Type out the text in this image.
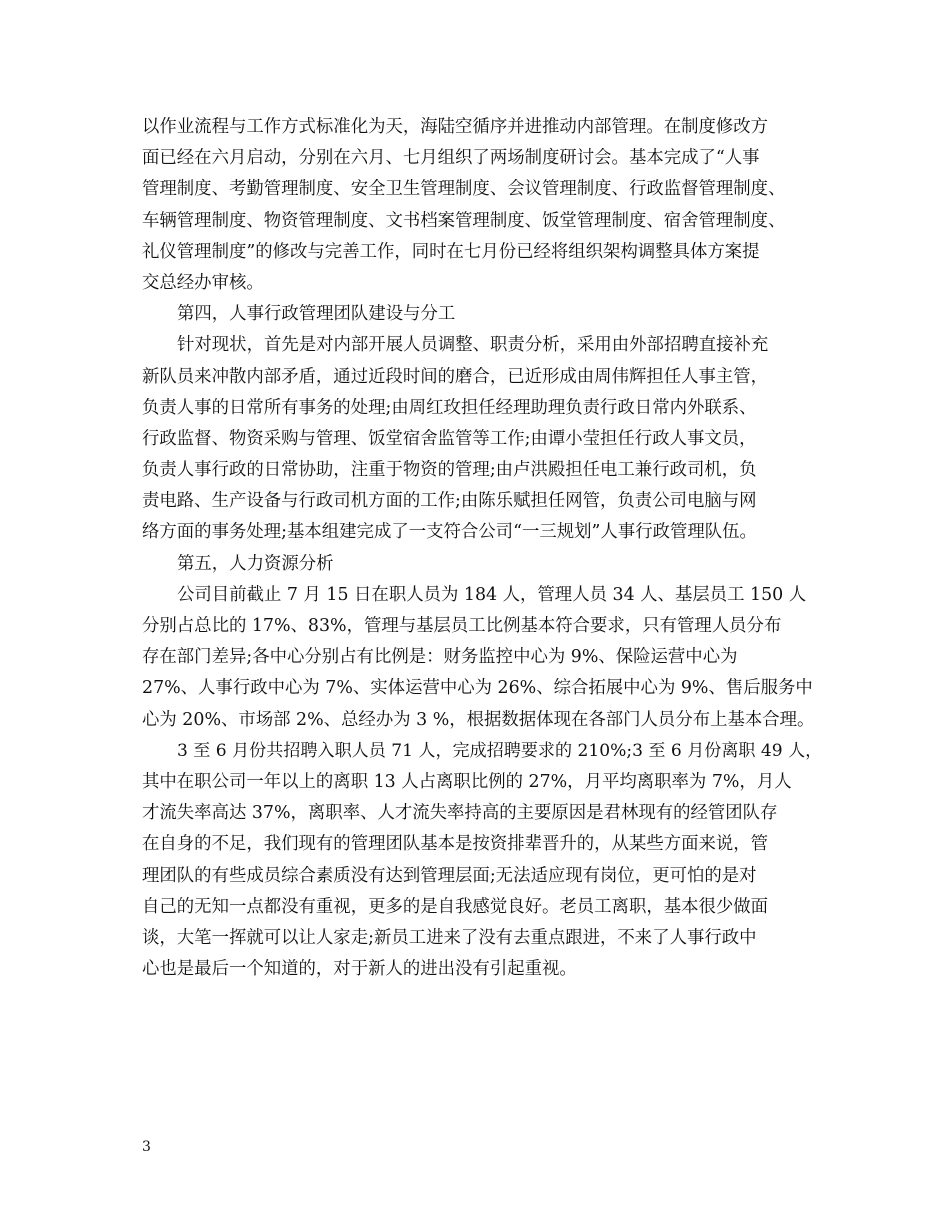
以作业流程与工作方式标准化为天，海陆空循序并进推动内部管理。在制度修改方
面已经在六月启动，分别在六月、七月组织了两场制度研讨会。基本完成了“人事
管理制度、考勤管理制度、安全卫生管理制度、会议管理制度、行政监督管理制度、
车辆管理制度、物资管理制度、文书档案管理制度、饭堂管理制度、宿舍管理制度、
礼仪管理制度”的修改与完善工作，同时在七月份已经将组织架构调整具体方案提
交总经办审核。
第四，人事行政管理团队建设与分工
针对现状，首先是对内部开展人员调整、职责分析，采用由外部招聘直接补充
新队员来冲散内部矛盾，通过近段时间的磨合，已近形成由周伟辉担任人事主管，
负责人事的日常所有事务的处理;由周红玫担任经理助理负责行政日常内外联系、
行政监督、物资采购与管理、饭堂宿舍监管等工作;由谭小莹担任行政人事文员，
负责人事行政的日常协助，注重于物资的管理;由卢洪殿担任电工兼行政司机，负
责电路、生产设备与行政司机方面的工作;由陈乐赋担任网管，负责公司电脑与网
络方面的事务处理;基本组建完成了一支符合公司“一三规划”人事行政管理队伍。
第五，人力资源分析
公司目前截止 7 月 15 日在职人员为 184 人，管理人员 34 人、基层员工 150 人
分别占总比的 17%、83%，管理与基层员工比例基本符合要求，只有管理人员分布
存在部门差异;各中心分别占有比例是：财务监控中心为 9%、保险运营中心为
27%、人事行政中心为 7%、实体运营中心为 26%、综合拓展中心为 9%、售后服务中
心为 20%、市场部 2%、总经办为 3 %，根据数据体现在各部门人员分布上基本合理。
3 至 6 月份共招聘入职人员 71 人，完成招聘要求的 210%;3 至 6 月份离职 49 人，
其中在职公司一年以上的离职 13 人占离职比例的 27%，月平均离职率为 7%，月人
才流失率高达 37%，离职率、人才流失率持高的主要原因是君林现有的经管团队存
在自身的不足，我们现有的管理团队基本是按资排辈晋升的，从某些方面来说，管
理团队的有些成员综合素质没有达到管理层面;无法适应现有岗位，更可怕的是对
自己的无知一点都没有重视，更多的是自我感觉良好。老员工离职，基本很少做面
谈，大笔一挥就可以让人家走;新员工进来了没有去重点跟进，不来了人事行政中
心也是最后一个知道的，对于新人的进出没有引起重视。
3
